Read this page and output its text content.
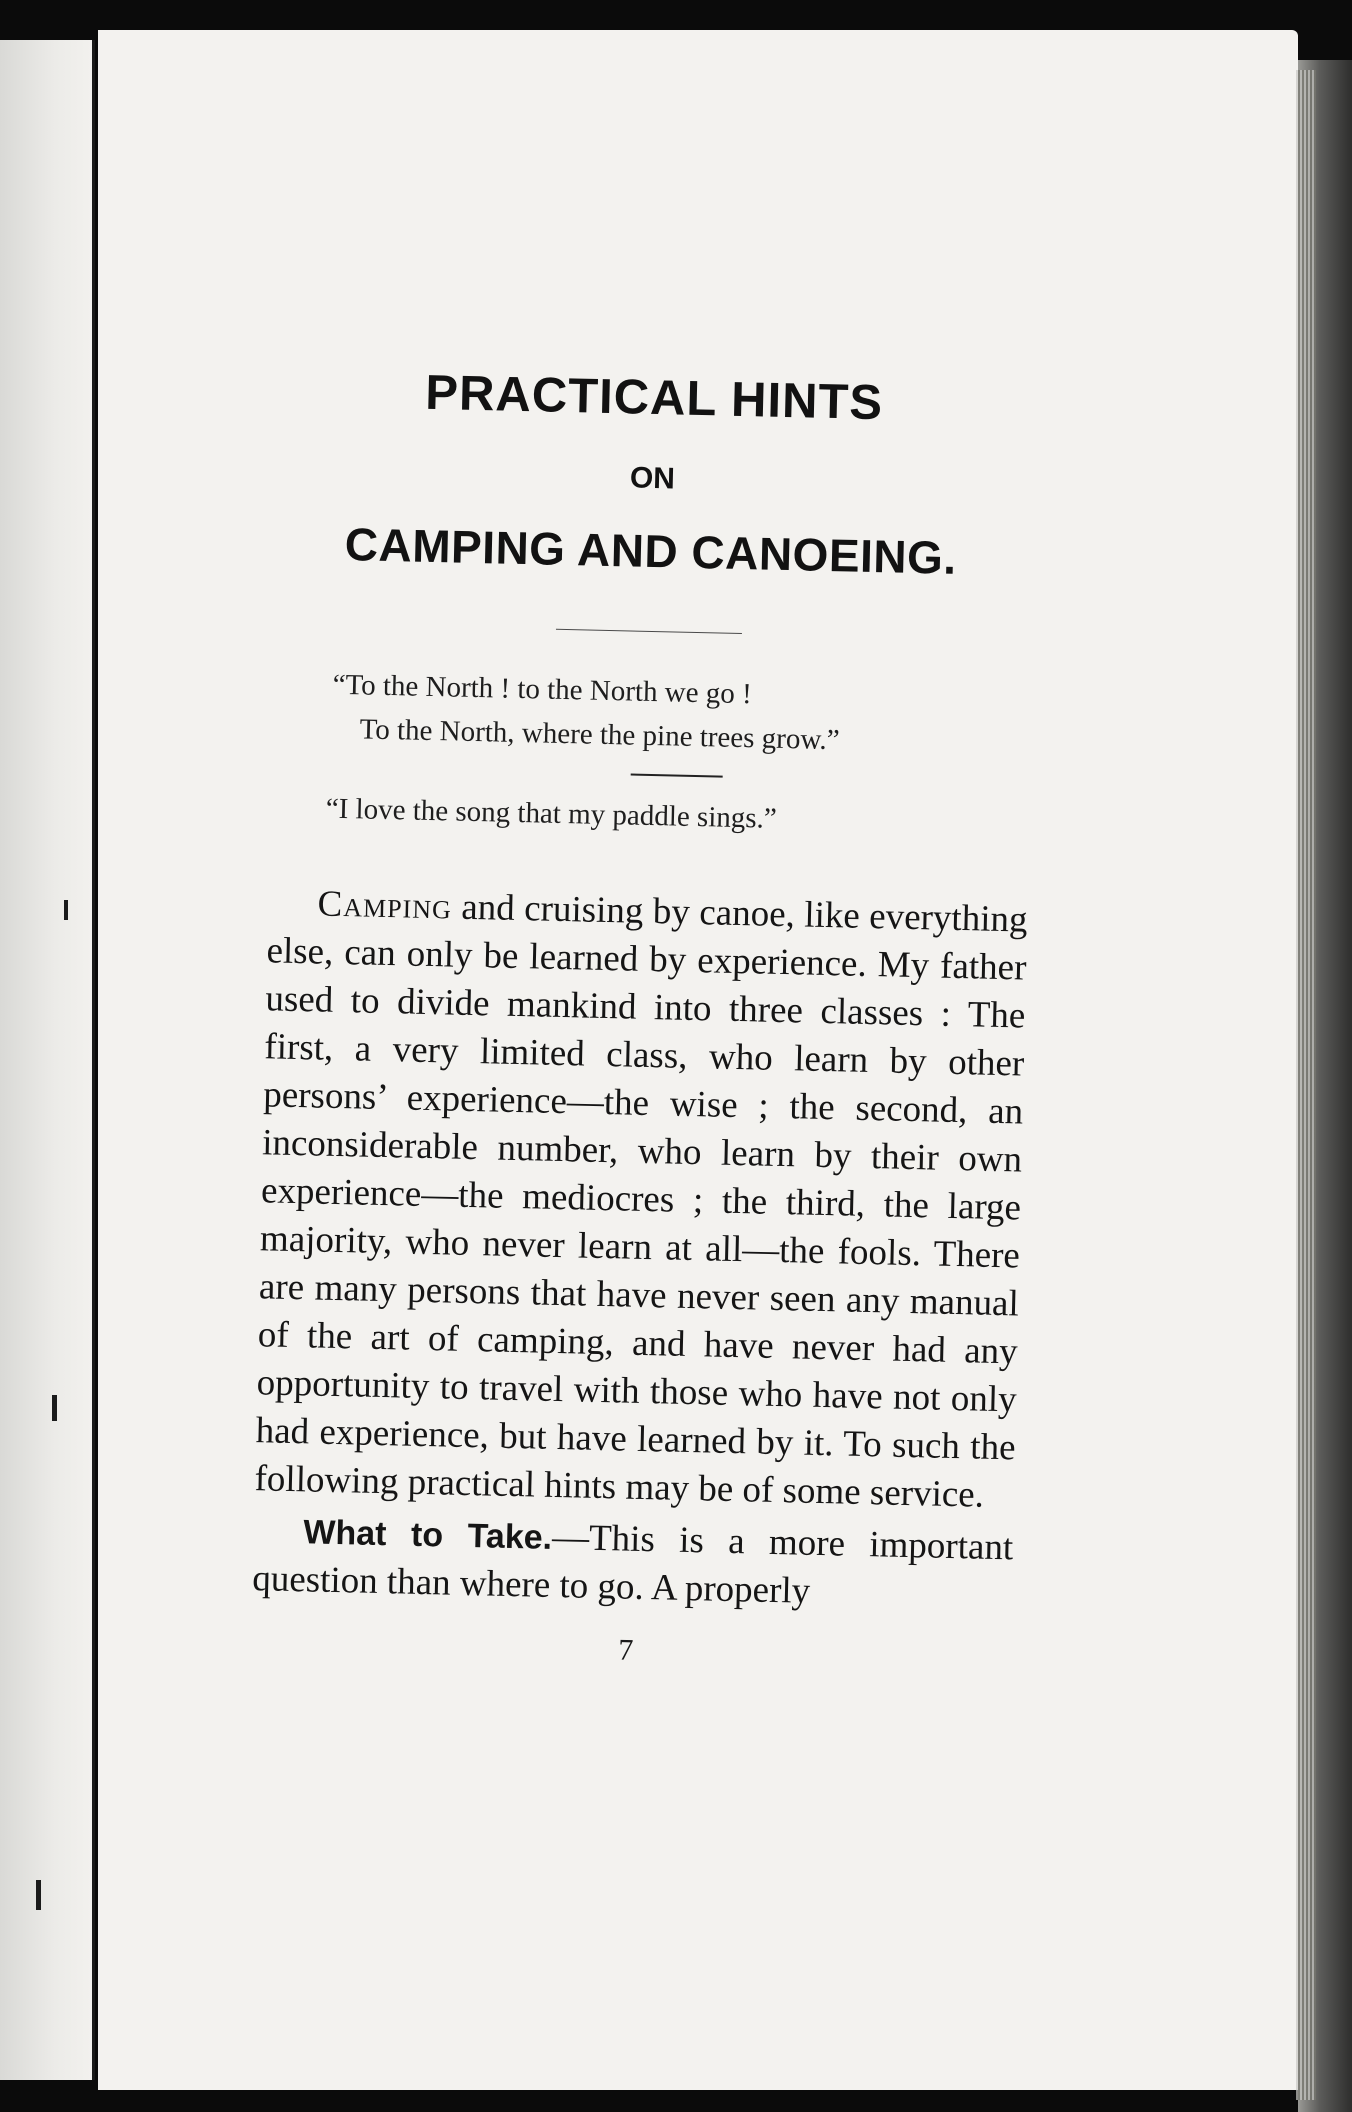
PRACTICAL HINTS
ON
CAMPING AND CANOEING.
“To the North ! to the North we go !
To the North, where the pine trees grow.”
“I love the song that my paddle sings.”

Camping and cruising by canoe, like everything else, can only be learned by experience. My father used to divide mankind into three classes : The first, a very limited class, who learn by other persons’ experience—the wise ; the second, an inconsiderable number, who learn by their own experience—the mediocres ; the third, the large majority, who never learn at all—the fools. There are many persons that have never seen any manual of the art of camping, and have never had any opportunity to travel with those who have not only had experience, but have learned by it. To such the following practical hints may be of some service.

What to Take.—This is a more important question than where to go. A properly

7
